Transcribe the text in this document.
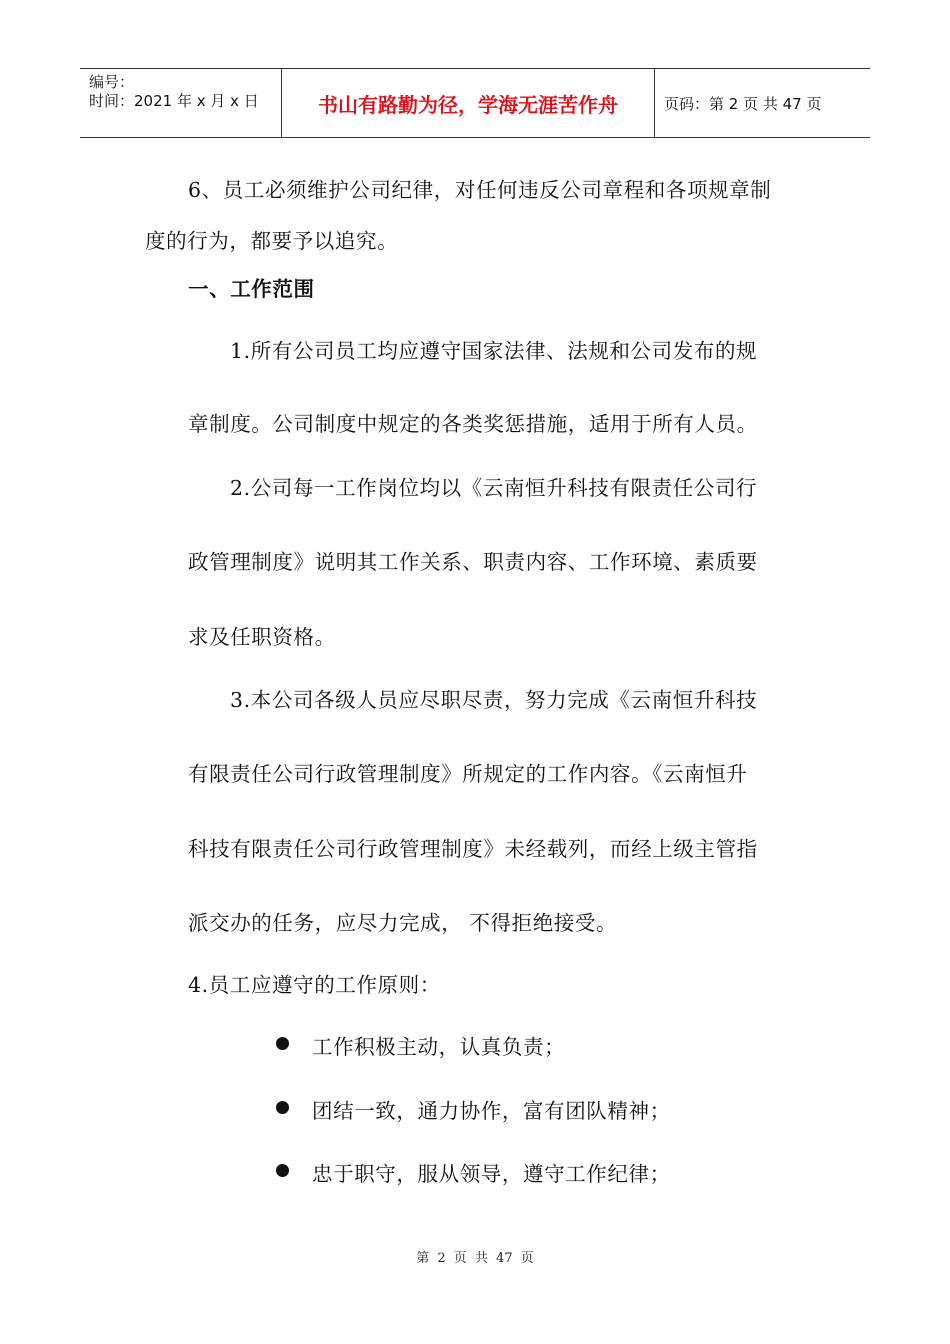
编号：
时间：2021 年 x 月 x 日	书山有路勤为径，学海无涯苦作舟	页码：第 2 页 共 47 页
6、员工必须维护公司纪律，对任何违反公司章程和各项规章制
度的行为，都要予以追究。
一、工作范围
1.所有公司员工均应遵守国家法律、法规和公司发布的规
章制度。公司制度中规定的各类奖惩措施，适用于所有人员。
2.公司每一工作岗位均以《云南恒升科技有限责任公司行
政管理制度》说明其工作关系、职责内容、工作环境、素质要
求及任职资格。
3.本公司各级人员应尽职尽责，努力完成《云南恒升科技
有限责任公司行政管理制度》所规定的工作内容。《云南恒升
科技有限责任公司行政管理制度》未经载列，而经上级主管指
派交办的任务，应尽力完成， 不得拒绝接受。
4.员工应遵守的工作原则：
工作积极主动，认真负责；
团结一致，通力协作，富有团队精神；
忠于职守，服从领导，遵守工作纪律；
第 2 页 共 47 页
